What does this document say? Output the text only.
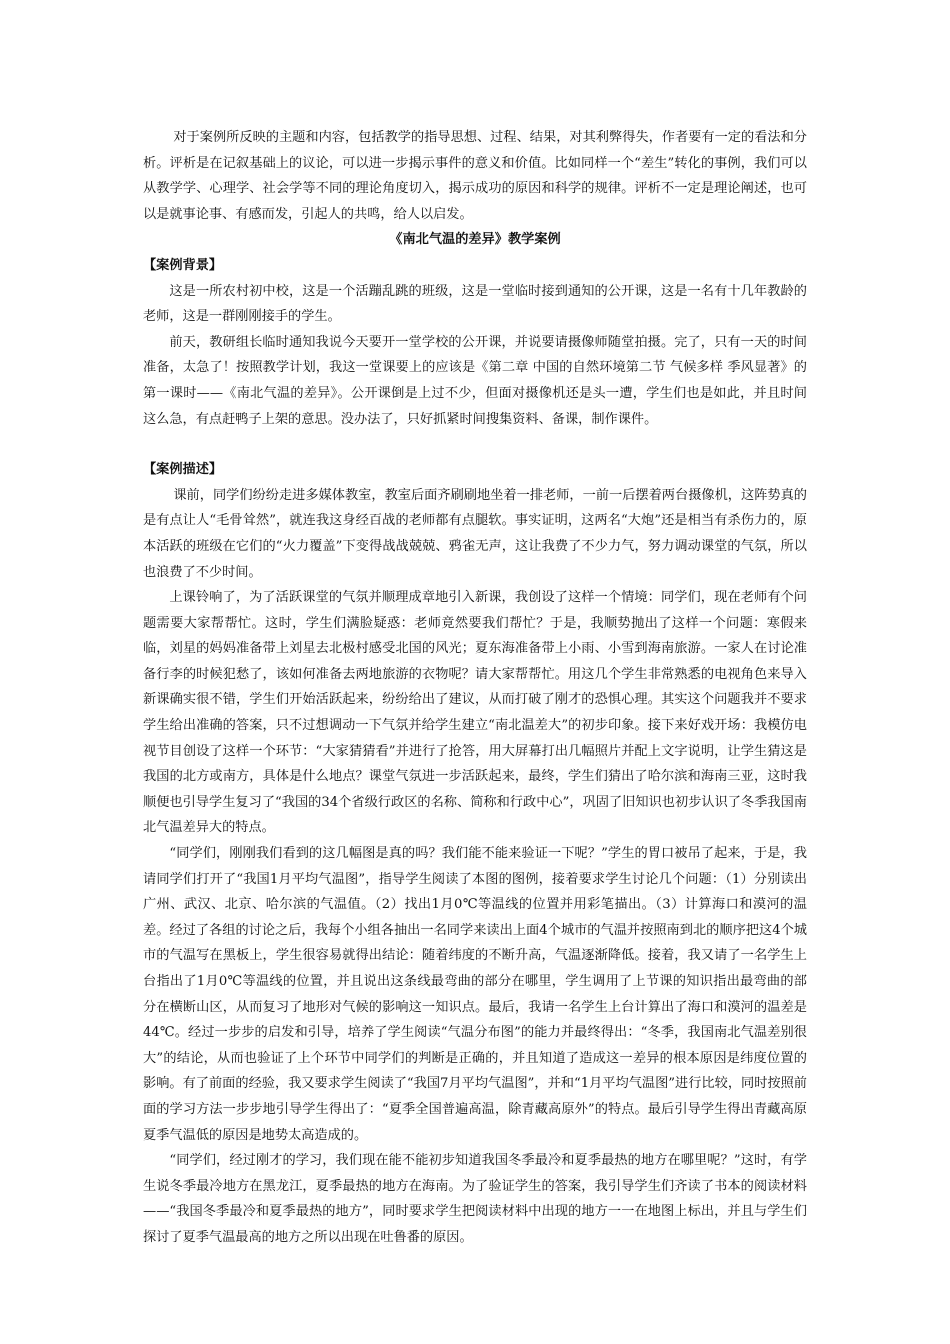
对于案例所反映的主题和内容，包括教学的指导思想、过程、结果，对其利弊得失，作者要有一定的看法和分析。评析是在记叙基础上的议论，可以进一步揭示事件的意义和价值。比如同样一个“差生”转化的事例，我们可以从教学学、心理学、社会学等不同的理论角度切入，揭示成功的原因和科学的规律。评析不一定是理论阐述，也可以是就事论事、有感而发，引起人的共鸣，给人以启发。

《南北气温的差异》教学案例

【案例背景】

这是一所农村初中校，这是一个活蹦乱跳的班级，这是一堂临时接到通知的公开课，这是一名有十几年教龄的老师，这是一群刚刚接手的学生。

前天，教研组长临时通知我说今天要开一堂学校的公开课，并说要请摄像师随堂拍摄。完了，只有一天的时间准备，太急了！按照教学计划，我这一堂课要上的应该是《第二章 中国的自然环境第二节 气候多样 季风显著》的第一课时——《南北气温的差异》。公开课倒是上过不少，但面对摄像机还是头一遭，学生们也是如此，并且时间这么急，有点赶鸭子上架的意思。没办法了，只好抓紧时间搜集资料、备课，制作课件。

【案例描述】

课前，同学们纷纷走进多媒体教室，教室后面齐刷刷地坐着一排老师，一前一后摆着两台摄像机，这阵势真的是有点让人“毛骨耸然”，就连我这身经百战的老师都有点腿软。事实证明，这两名“大炮”还是相当有杀伤力的，原本活跃的班级在它们的“火力覆盖”下变得战战兢兢、鸦雀无声，这让我费了不少力气，努力调动课堂的气氛，所以也浪费了不少时间。

上课铃响了，为了活跃课堂的气氛并顺理成章地引入新课，我创设了这样一个情境：同学们，现在老师有个问题需要大家帮帮忙。这时，学生们满脸疑惑：老师竟然要我们帮忙？于是，我顺势抛出了这样一个问题：寒假来临，刘星的妈妈准备带上刘星去北极村感受北国的风光；夏东海准备带上小雨、小雪到海南旅游。一家人在讨论准备行李的时候犯愁了，该如何准备去两地旅游的衣物呢？请大家帮帮忙。用这几个学生非常熟悉的电视角色来导入新课确实很不错，学生们开始活跃起来，纷纷给出了建议，从而打破了刚才的恐惧心理。其实这个问题我并不要求学生给出准确的答案，只不过想调动一下气氛并给学生建立“南北温差大”的初步印象。接下来好戏开场：我模仿电视节目创设了这样一个环节：“大家猜猜看”并进行了抢答，用大屏幕打出几幅照片并配上文字说明，让学生猜这是我国的北方或南方，具体是什么地点？课堂气氛进一步活跃起来，最终，学生们猜出了哈尔滨和海南三亚，这时我顺便也引导学生复习了“我国的34个省级行政区的名称、简称和行政中心”，巩固了旧知识也初步认识了冬季我国南北气温差异大的特点。

“同学们，刚刚我们看到的这几幅图是真的吗？我们能不能来验证一下呢？”学生的胃口被吊了起来，于是，我请同学们打开了“我国1月平均气温图”，指导学生阅读了本图的图例，接着要求学生讨论几个问题：（1）分别读出广州、武汉、北京、哈尔滨的气温值。（2）找出1月0℃等温线的位置并用彩笔描出。（3）计算海口和漠河的温差。经过了各组的讨论之后，我每个小组各抽出一名同学来读出上面4个城市的气温并按照南到北的顺序把这4个城市的气温写在黑板上，学生很容易就得出结论：随着纬度的不断升高，气温逐渐降低。接着，我又请了一名学生上台指出了1月0℃等温线的位置，并且说出这条线最弯曲的部分在哪里，学生调用了上节课的知识指出最弯曲的部分在横断山区，从而复习了地形对气候的影响这一知识点。最后，我请一名学生上台计算出了海口和漠河的温差是44℃。经过一步步的启发和引导，培养了学生阅读“气温分布图”的能力并最终得出：“冬季，我国南北气温差别很大”的结论，从而也验证了上个环节中同学们的判断是正确的，并且知道了造成这一差异的根本原因是纬度位置的影响。有了前面的经验，我又要求学生阅读了“我国7月平均气温图”，并和“1月平均气温图”进行比较，同时按照前面的学习方法一步步地引导学生得出了：“夏季全国普遍高温，除青藏高原外”的特点。最后引导学生得出青藏高原夏季气温低的原因是地势太高造成的。

“同学们，经过刚才的学习，我们现在能不能初步知道我国冬季最冷和夏季最热的地方在哪里呢？”这时，有学生说冬季最冷地方在黑龙江，夏季最热的地方在海南。为了验证学生的答案，我引导学生们齐读了书本的阅读材料——“我国冬季最冷和夏季最热的地方”，同时要求学生把阅读材料中出现的地方一一在地图上标出，并且与学生们探讨了夏季气温最高的地方之所以出现在吐鲁番的原因。
